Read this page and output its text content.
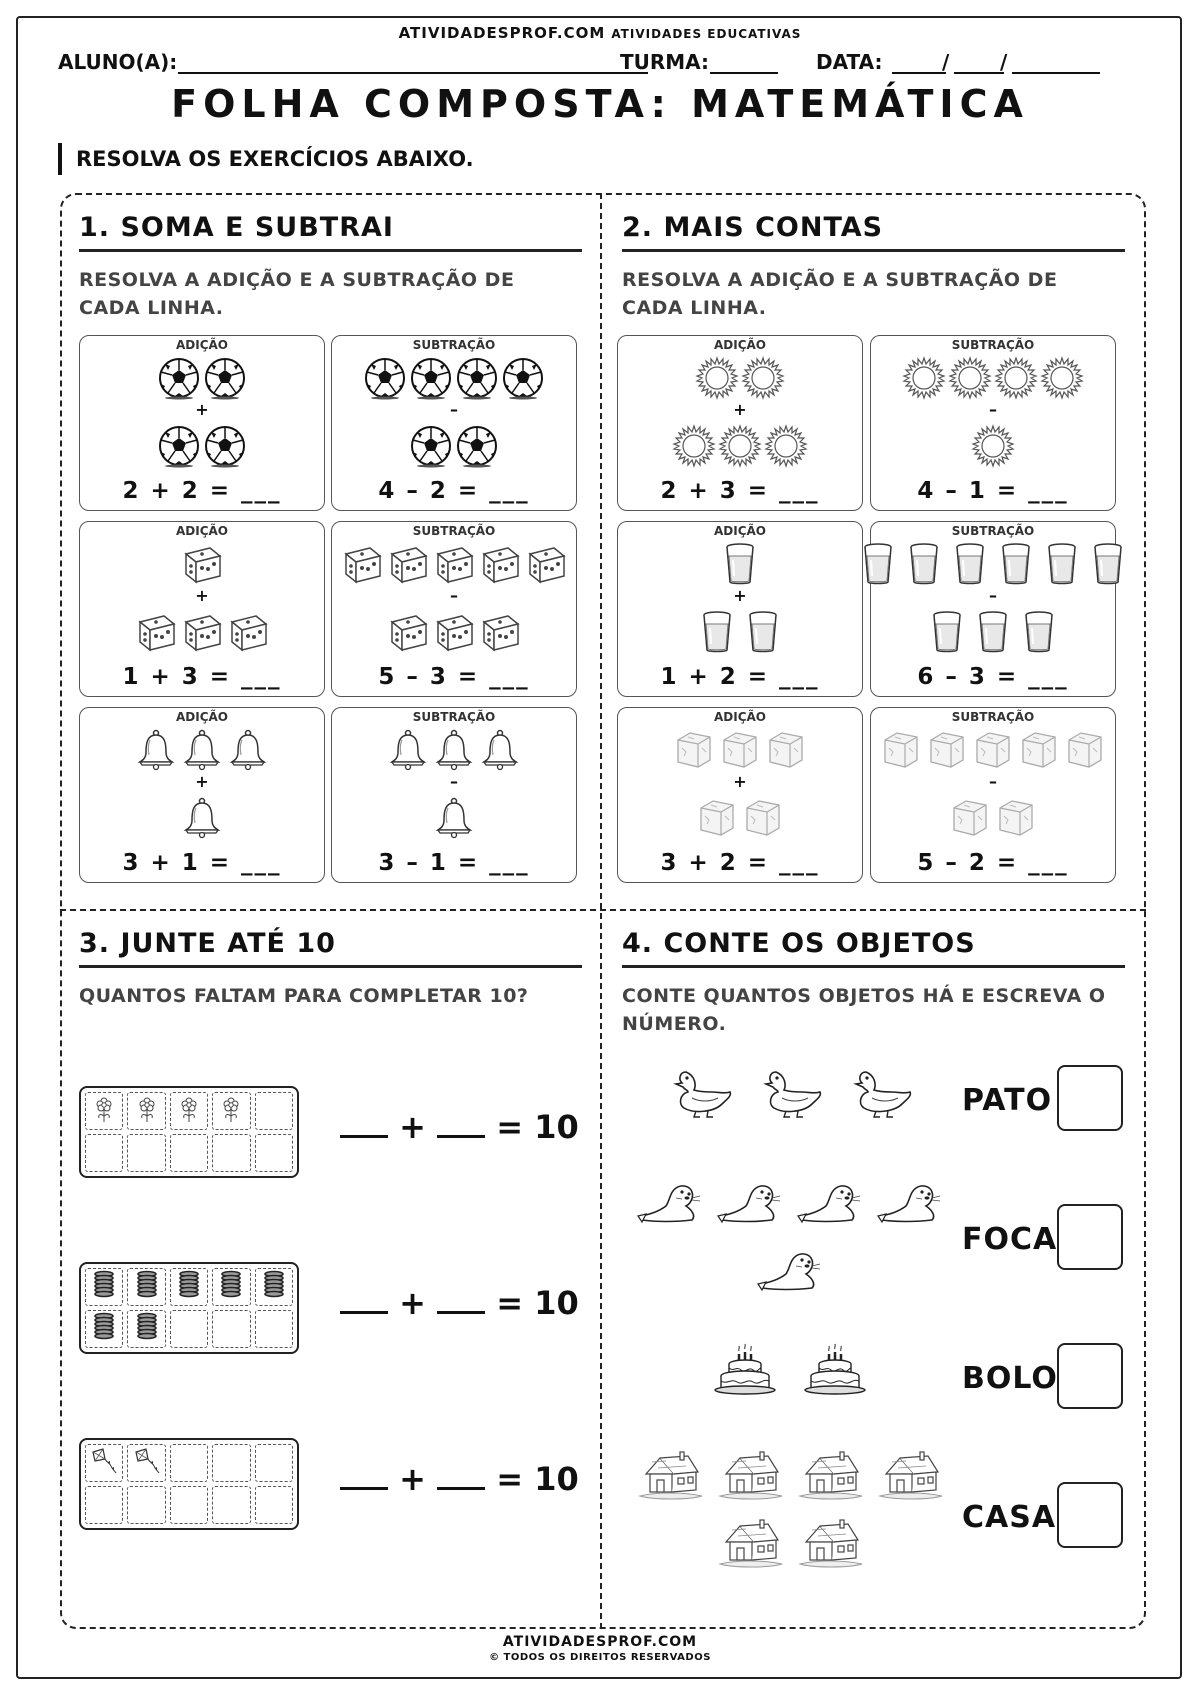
ATIVIDADESPROF.COM ATIVIDADES EDUCATIVAS
ALUNO(A):	TURMA:	DATA:	/	/
FOLHA COMPOSTA: MATEMÁTICA
RESOLVA OS EXERCÍCIOS ABAIXO.
1. SOMA E SUBTRAI
RESOLVA A ADIÇÃO E A SUBTRAÇÃO DE CADA LINHA.
ADIÇÃO
+
2 + 2 = ___
SUBTRAÇÃO
–
4 – 2 = ___
ADIÇÃO
+
1 + 3 = ___
SUBTRAÇÃO
–
5 – 3 = ___
ADIÇÃO
+
3 + 1 = ___
SUBTRAÇÃO
–
3 – 1 = ___
2. MAIS CONTAS
RESOLVA A ADIÇÃO E A SUBTRAÇÃO DE CADA LINHA.
ADIÇÃO
+
2 + 3 = ___
SUBTRAÇÃO
–
4 – 1 = ___
ADIÇÃO
+
1 + 2 = ___
SUBTRAÇÃO
–
6 – 3 = ___
ADIÇÃO
+
3 + 2 = ___
SUBTRAÇÃO
–
5 – 2 = ___
3. JUNTE ATÉ 10
QUANTOS FALTAM PARA COMPLETAR 10?
+ = 10
+ = 10
+ = 10
4. CONTE OS OBJETOS
CONTE QUANTOS OBJETOS HÁ E ESCREVA O NÚMERO.
PATO
FOCA
BOLO
CASA
ATIVIDADESPROF.COM
© TODOS OS DIREITOS RESERVADOS
